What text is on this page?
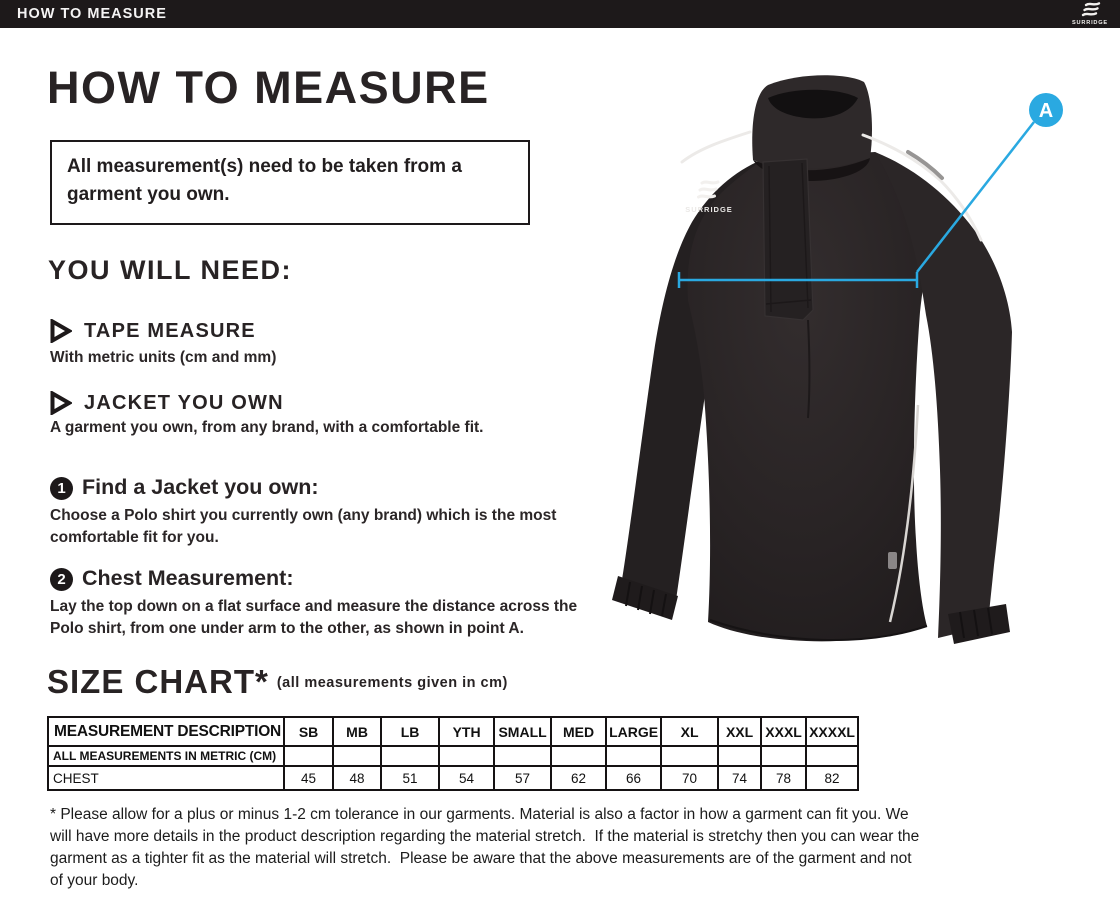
HOW TO MEASURE
SURRIDGE
HOW TO MEASURE

All measurement(s) need to be taken from a garment you own.

YOU WILL NEED:
TAPE MEASURE
With metric units (cm and mm)
JACKET YOU OWN
A garment you own, from any brand, with a comfortable fit.
1 Find a Jacket you own:
Choose a Polo shirt you currently own (any brand) which is the most comfortable fit for you.
2 Chest Measurement:
Lay the top down on a flat surface and measure the distance across the Polo shirt, from one under arm to the other, as shown in point A.
SIZE CHART* (all measurements given in cm)
MEASUREMENT DESCRIPTION	SB	MB	LB	YTH	SMALL	MED	LARGE	XL	XXL	XXXL	XXXXL
ALL MEASUREMENTS IN METRIC (CM)											
CHEST	45	48	51	54	57	62	66	70	74	78	82
* Please allow for a plus or minus 1-2 cm tolerance in our garments. Material is also a factor in how a garment can fit you. We will have more details in the product description regarding the material stretch.  If the material is stretchy then you can wear the garment as a tighter fit as the material will stretch.  Please be aware that the above measurements are of the garment and not of your body.
SURRIDGE
A
